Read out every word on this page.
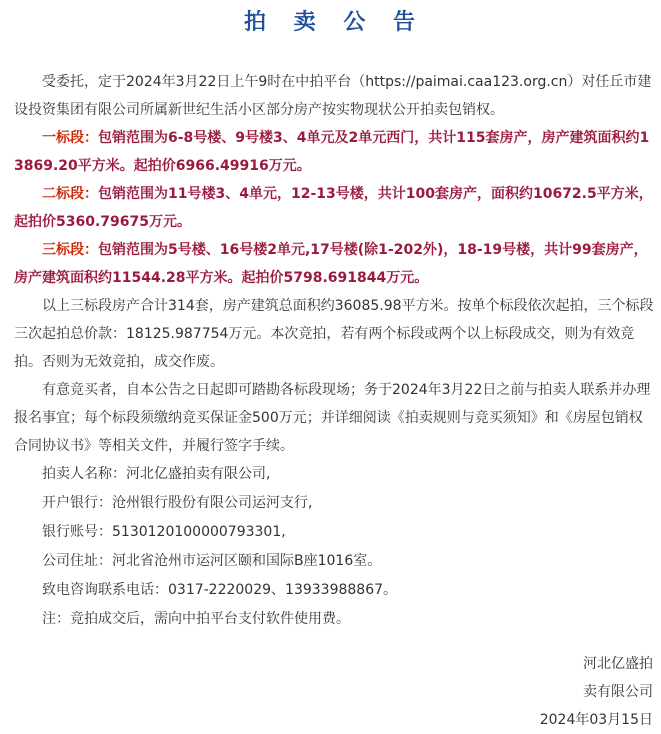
拍 卖 公 告

受委托，定于2024年3月22日上午9时在中拍平台（https://paimai.caa123.org.cn）对任丘市建设投资集团有限公司所属新世纪生活小区部分房产按实物现状公开拍卖包销权。

一标段：包销范围为6-8号楼、9号楼3、4单元及2单元西门，共计115套房产，房产建筑面积约13869.20平方米。起拍价6966.49916万元。

二标段：包销范围为11号楼3、4单元，12-13号楼，共计100套房产，面积约10672.5平方米，起拍价5360.79675万元。

三标段：包销范围为5号楼、16号楼2单元,17号楼(除1-202外)，18-19号楼，共计99套房产，房产建筑面积约11544.28平方米。起拍价5798.691844万元。

以上三标段房产合计314套，房产建筑总面积约36085.98平方米。按单个标段依次起拍，三个标段三次起拍总价款：18125.987754万元。本次竞拍，若有两个标段或两个以上标段成交，则为有效竞拍。否则为无效竞拍，成交作废。

有意竞买者，自本公告之日起即可踏勘各标段现场；务于2024年3月22日之前与拍卖人联系并办理报名事宜；每个标段须缴纳竞买保证金500万元；并详细阅读《拍卖规则与竞买须知》和《房屋包销权合同协议书》等相关文件，并履行签字手续。

拍卖人名称：河北亿盛拍卖有限公司,

开户银行：沧州银行股份有限公司运河支行,

银行账号：5130120100000793301,

公司住址：河北省沧州市运河区颐和国际B座1016室。

致电咨询联系电话：0317-2220029、13933988867。

注：竞拍成交后，需向中拍平台支付软件使用费。

河北亿盛拍

卖有限公司

2024年03月15日
